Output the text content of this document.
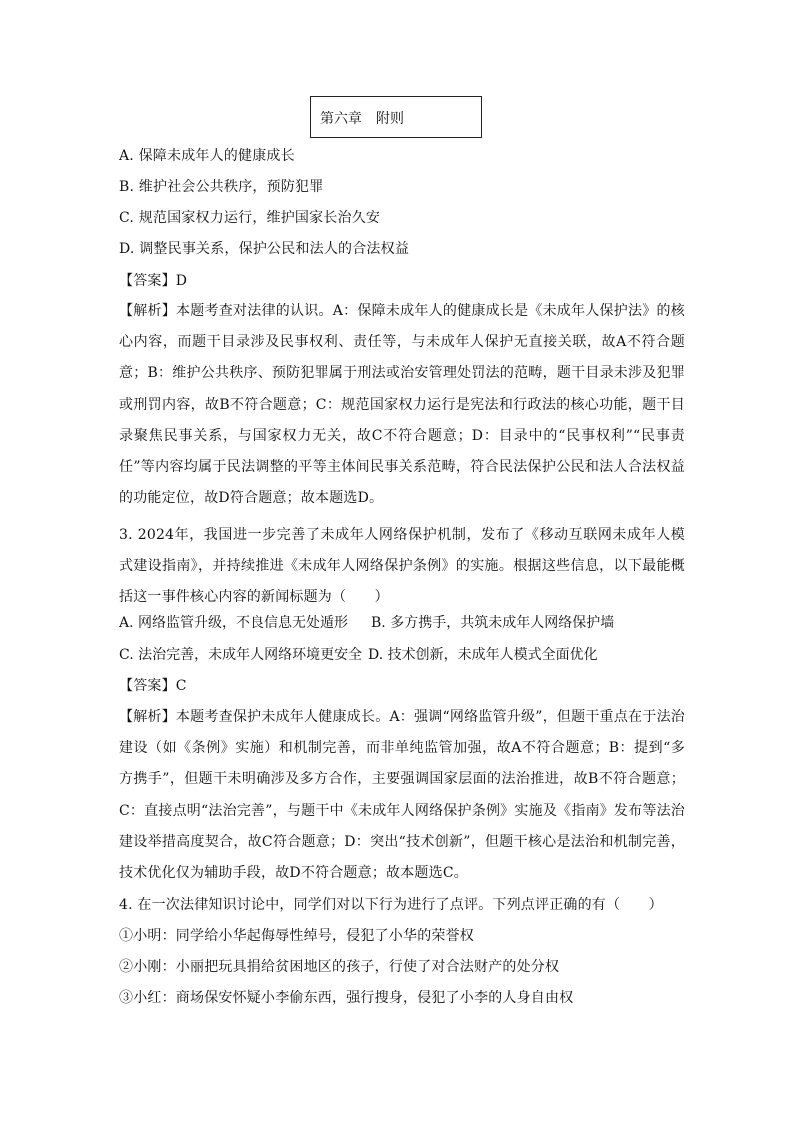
第六章　附则
A. 保障未成年人的健康成长
B. 维护社会公共秩序，预防犯罪
C. 规范国家权力运行，维护国家长治久安
D. 调整民事关系，保护公民和法人的合法权益
【答案】D
【解析】本题考查对法律的认识。A：保障未成年人的健康成长是《未成年人保护法》的核心内容，而题干目录涉及民事权利、责任等，与未成年人保护无直接关联，故A不符合题意；B：维护公共秩序、预防犯罪属于刑法或治安管理处罚法的范畴，题干目录未涉及犯罪或刑罚内容，故B不符合题意；C：规范国家权力运行是宪法和行政法的核心功能，题干目录聚焦民事关系，与国家权力无关，故C不符合题意；D：目录中的“民事权利”“民事责任”等内容均属于民法调整的平等主体间民事关系范畴，符合民法保护公民和法人合法权益的功能定位，故D符合题意；故本题选D。
3. 2024年，我国进一步完善了未成年人网络保护机制，发布了《移动互联网未成年人模式建设指南》，并持续推进《未成年人网络保护条例》的实施。根据这些信息，以下最能概括这一事件核心内容的新闻标题为（　　）
A. 网络监管升级，不良信息无处遁形 B. 多方携手，共筑未成年人网络保护墙
C. 法治完善，未成年人网络环境更安全 D. 技术创新，未成年人模式全面优化
【答案】C
【解析】本题考查保护未成年人健康成长。A：强调“网络监管升级”，但题干重点在于法治建设（如《条例》实施）和机制完善，而非单纯监管加强，故A不符合题意；B：提到“多方携手”，但题干未明确涉及多方合作，主要强调国家层面的法治推进，故B不符合题意；C：直接点明“法治完善”，与题干中《未成年人网络保护条例》实施及《指南》发布等法治建设举措高度契合，故C符合题意；D：突出“技术创新”，但题干核心是法治和机制完善，技术优化仅为辅助手段，故D不符合题意；故本题选C。
4. 在一次法律知识讨论中，同学们对以下行为进行了点评。下列点评正确的有（　　）
①小明：同学给小华起侮辱性绰号，侵犯了小华的荣誉权
②小刚：小丽把玩具捐给贫困地区的孩子，行使了对合法财产的处分权
③小红：商场保安怀疑小李偷东西，强行搜身，侵犯了小李的人身自由权
